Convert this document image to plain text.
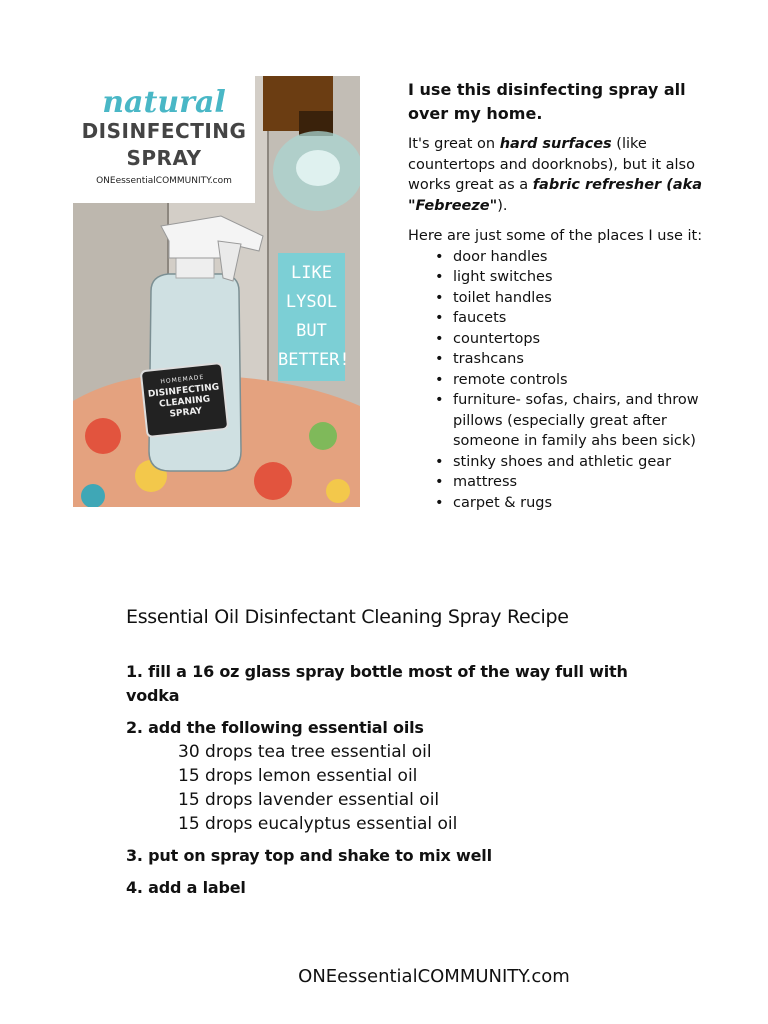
natural
DISINFECTING
SPRAY
ONEessentialCOMMUNITY.com
LIKE
LYSOL
BUT
BETTER!
HOMEMADE
DISINFECTING CLEANING SPRAY
I use this disinfecting spray all over my home.

It's great on hard surfaces (like countertops and doorknobs), but it also works great as a fabric refresher (aka "Febreeze").

Here are just some of the places I use it:

• door handles
• light switches
• toilet handles
• faucets
• countertops
• trashcans
• remote controls
• furniture- sofas, chairs, and throw pillows (especially great after someone in family ahs been sick)
• stinky shoes and athletic gear
• mattress
• carpet & rugs
Essential Oil Disinfectant Cleaning Spray Recipe
1. fill a 16 oz glass spray bottle most of the way full with vodka
2. add the following essential oils
30 drops tea tree essential oil
15 drops lemon essential oil
15 drops lavender essential oil
15 drops eucalyptus essential oil
3. put on spray top and shake to mix well
4. add a label
ONEessentialCOMMUNITY.com
